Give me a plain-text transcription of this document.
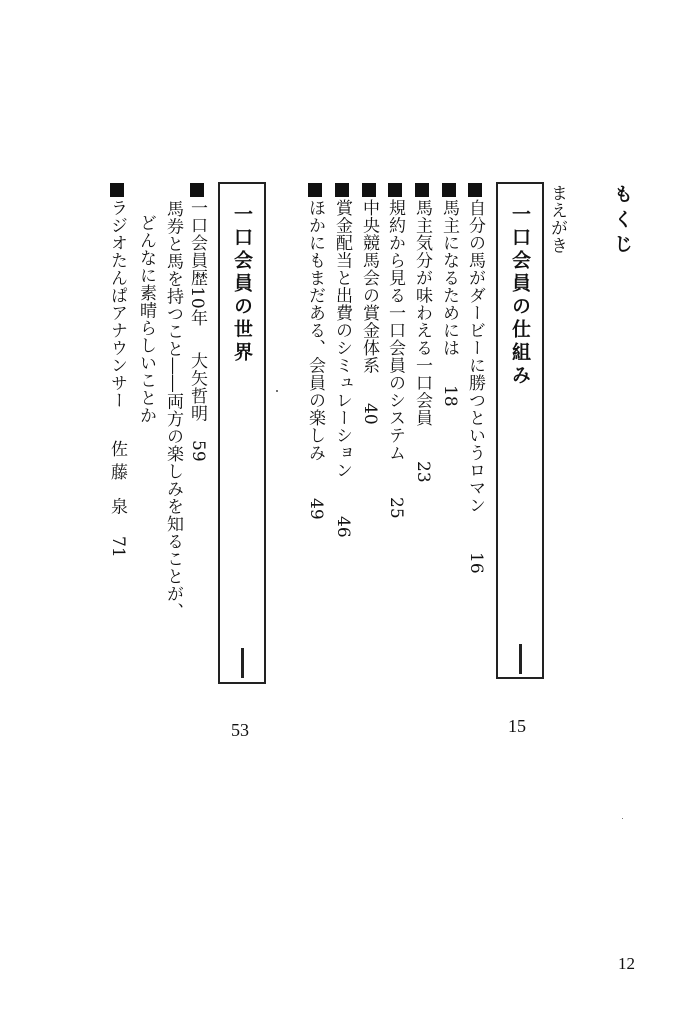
もくじ
まえがき
一口会員の仕組み
15
自分の馬がダービーに勝つというロマン
16
馬主になるためには
18
馬主気分が味わえる一口会員
23
規約から見る一口会員のシステム
25
中央競馬会の賞金体系
40
賞金配当と出費のシミュレーション
46
ほかにもまだある、会員の楽しみ
49
一口会員の世界
53
一口会員歴10年
大矢哲明
59
馬券と馬を持つこと――両方の楽しみを知ることが、
どんなに素晴らしいことか
ラジオたんぱアナウンサー
佐藤 泉
71
12
